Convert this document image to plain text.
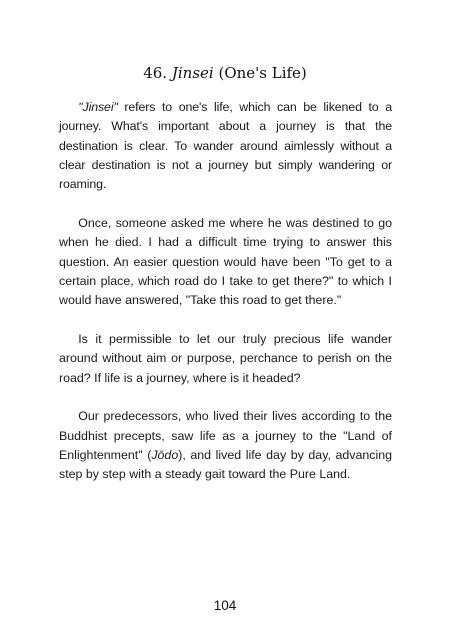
46. Jinsei (One's Life)

"Jinsei" refers to one's life, which can be likened to a journey. What's important about a journey is that the destination is clear. To wander around aimlessly without a clear destination is not a journey but simply wandering or roaming.

Once, someone asked me where he was destined to go when he died. I had a difficult time trying to answer this question. An easier question would have been "To get to a certain place, which road do I take to get there?" to which I would have answered, "Take this road to get there."

Is it permissible to let our truly precious life wander around without aim or purpose, perchance to perish on the road? If life is a journey, where is it headed?

Our predecessors, who lived their lives according to the Buddhist precepts, saw life as a journey to the "Land of Enlightenment" (Jōdo), and lived life day by day, advancing step by step with a steady gait toward the Pure Land.

104
